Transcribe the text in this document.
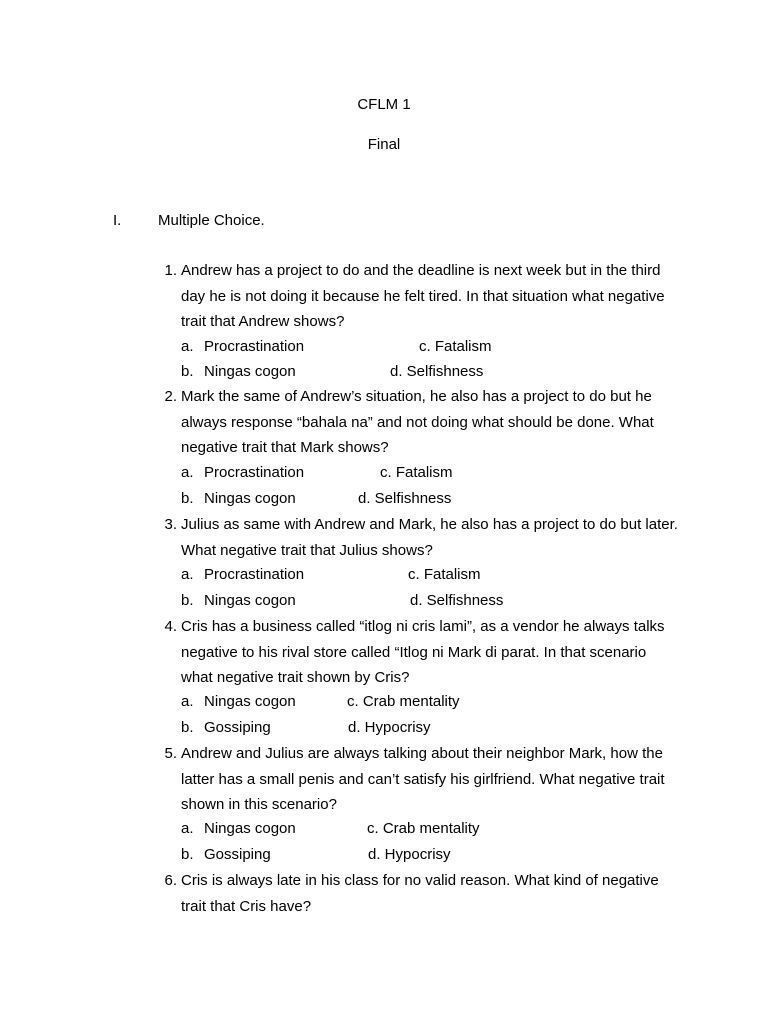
CFLM 1
Final
I. Multiple Choice.
1. Andrew has a project to do and the deadline is next week but in the third day he is not doing it because he felt tired. In that situation what negative trait that Andrew shows?
a. Procrastination	c. Fatalism
b. Ningas cogon	d. Selfishness
2. Mark the same of Andrew’s situation, he also has a project to do but he always response “bahala na” and not doing what should be done. What negative trait that Mark shows?
a. Procrastination	c. Fatalism
b. Ningas cogon	d. Selfishness
3. Julius as same with Andrew and Mark, he also has a project to do but later. What negative trait that Julius shows?
a. Procrastination	c. Fatalism
b. Ningas cogon	d. Selfishness
4. Cris has a business called “itlog ni cris lami”, as a vendor he always talks negative to his rival store called “Itlog ni Mark di parat. In that scenario what negative trait shown by Cris?
a. Ningas cogon	c. Crab mentality
b. Gossiping	d. Hypocrisy
5. Andrew and Julius are always talking about their neighbor Mark, how the latter has a small penis and can’t satisfy his girlfriend. What negative trait shown in this scenario?
a. Ningas cogon	c. Crab mentality
b. Gossiping	d. Hypocrisy
6. Cris is always late in his class for no valid reason. What kind of negative trait that Cris have?
